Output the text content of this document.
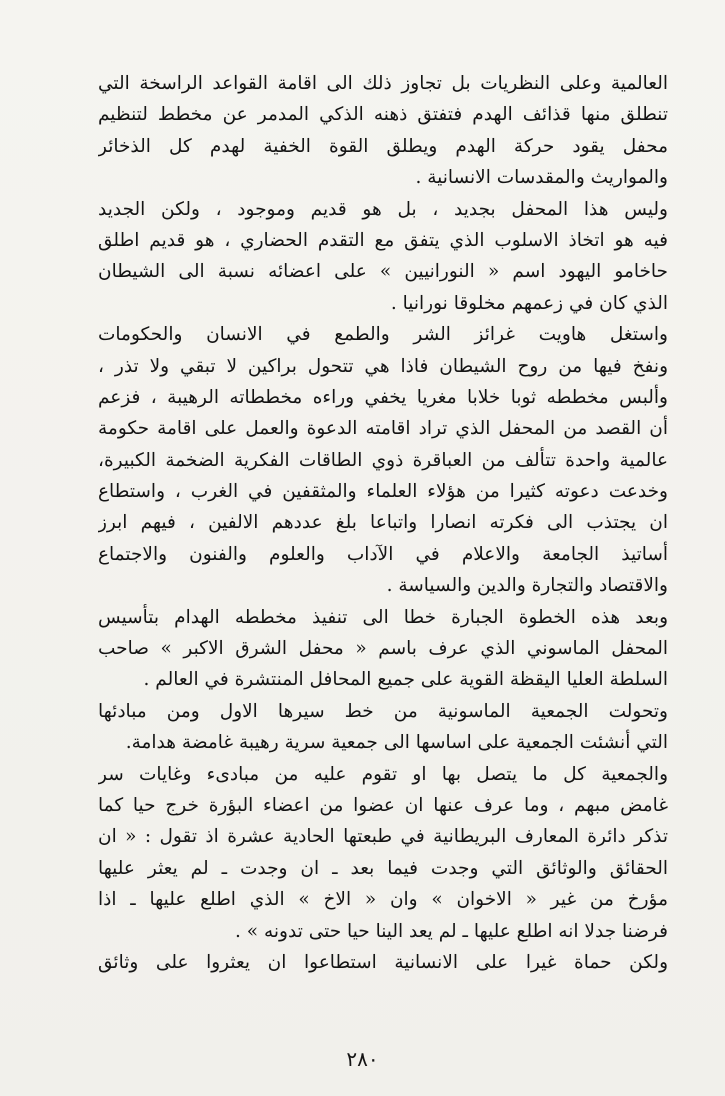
العالمية وعلى النظريات بل تجاوز ذلك الى اقامة القواعد الراسخة التي
تنطلق منها قذائف الهدم فتفتق ذهنه الذكي المدمر عن مخطط لتنظيم
محفل يقود حركة الهدم ويطلق القوة الخفية لهدم كل الذخائر
والمواريث والمقدسات الانسانية .
وليس هذا المحفل بجديد ، بل هو قديم وموجود ، ولكن الجديد
فيه هو اتخاذ الاسلوب الذي يتفق مع التقدم الحضاري ، هو قديم اطلق
حاخامو اليهود اسم « النورانيين » على اعضائه نسبة الى الشيطان
الذي كان في زعمهم مخلوقا نورانيا .
واستغل هاويت غرائز الشر والطمع في الانسان والحكومات
ونفخ فيها من روح الشيطان فاذا هي تتحول براكين لا تبقي ولا تذر ،
وألبس مخططه ثوبا خلابا مغريا يخفي وراءه مخططاته الرهيبة ، فزعم
أن القصد من المحفل الذي تراد اقامته الدعوة والعمل على اقامة حكومة
عالمية واحدة تتألف من العباقرة ذوي الطاقات الفكرية الضخمة الكبيرة،
وخدعت دعوته كثيرا من هؤلاء العلماء والمثقفين في الغرب ، واستطاع
ان يجتذب الى فكرته انصارا واتباعا بلغ عددهم الالفين ، فيهم ابرز
أساتيذ الجامعة والاعلام في الآداب والعلوم والفنون والاجتماع
والاقتصاد والتجارة والدين والسياسة .
وبعد هذه الخطوة الجبارة خطا الى تنفيذ مخططه الهدام بتأسيس
المحفل الماسوني الذي عرف باسم « محفل الشرق الاكبر » صاحب
السلطة العليا اليقظة القوية على جميع المحافل المنتشرة في العالم .
وتحولت الجمعية الماسونية من خط سيرها الاول ومن مبادئها
التي أنشئت الجمعية على اساسها الى جمعية سرية رهيبة غامضة هدامة.
والجمعية كل ما يتصل بها او تقوم عليه من مبادىء وغايات سر
غامض مبهم ، وما عرف عنها ان عضوا من اعضاء البؤرة خرج حيا كما
تذكر دائرة المعارف البريطانية في طبعتها الحادية عشرة اذ تقول : « ان
الحقائق والوثائق التي وجدت فيما بعد ـ ان وجدت ـ لم يعثر عليها
مؤرخ من غير « الاخوان » وان « الاخ » الذي اطلع عليها ـ اذا
فرضنا جدلا انه اطلع عليها ـ لم يعد الينا حيا حتى تدونه » .
ولكن حماة غيرا على الانسانية استطاعوا ان يعثروا على وثائق
٢٨٠
